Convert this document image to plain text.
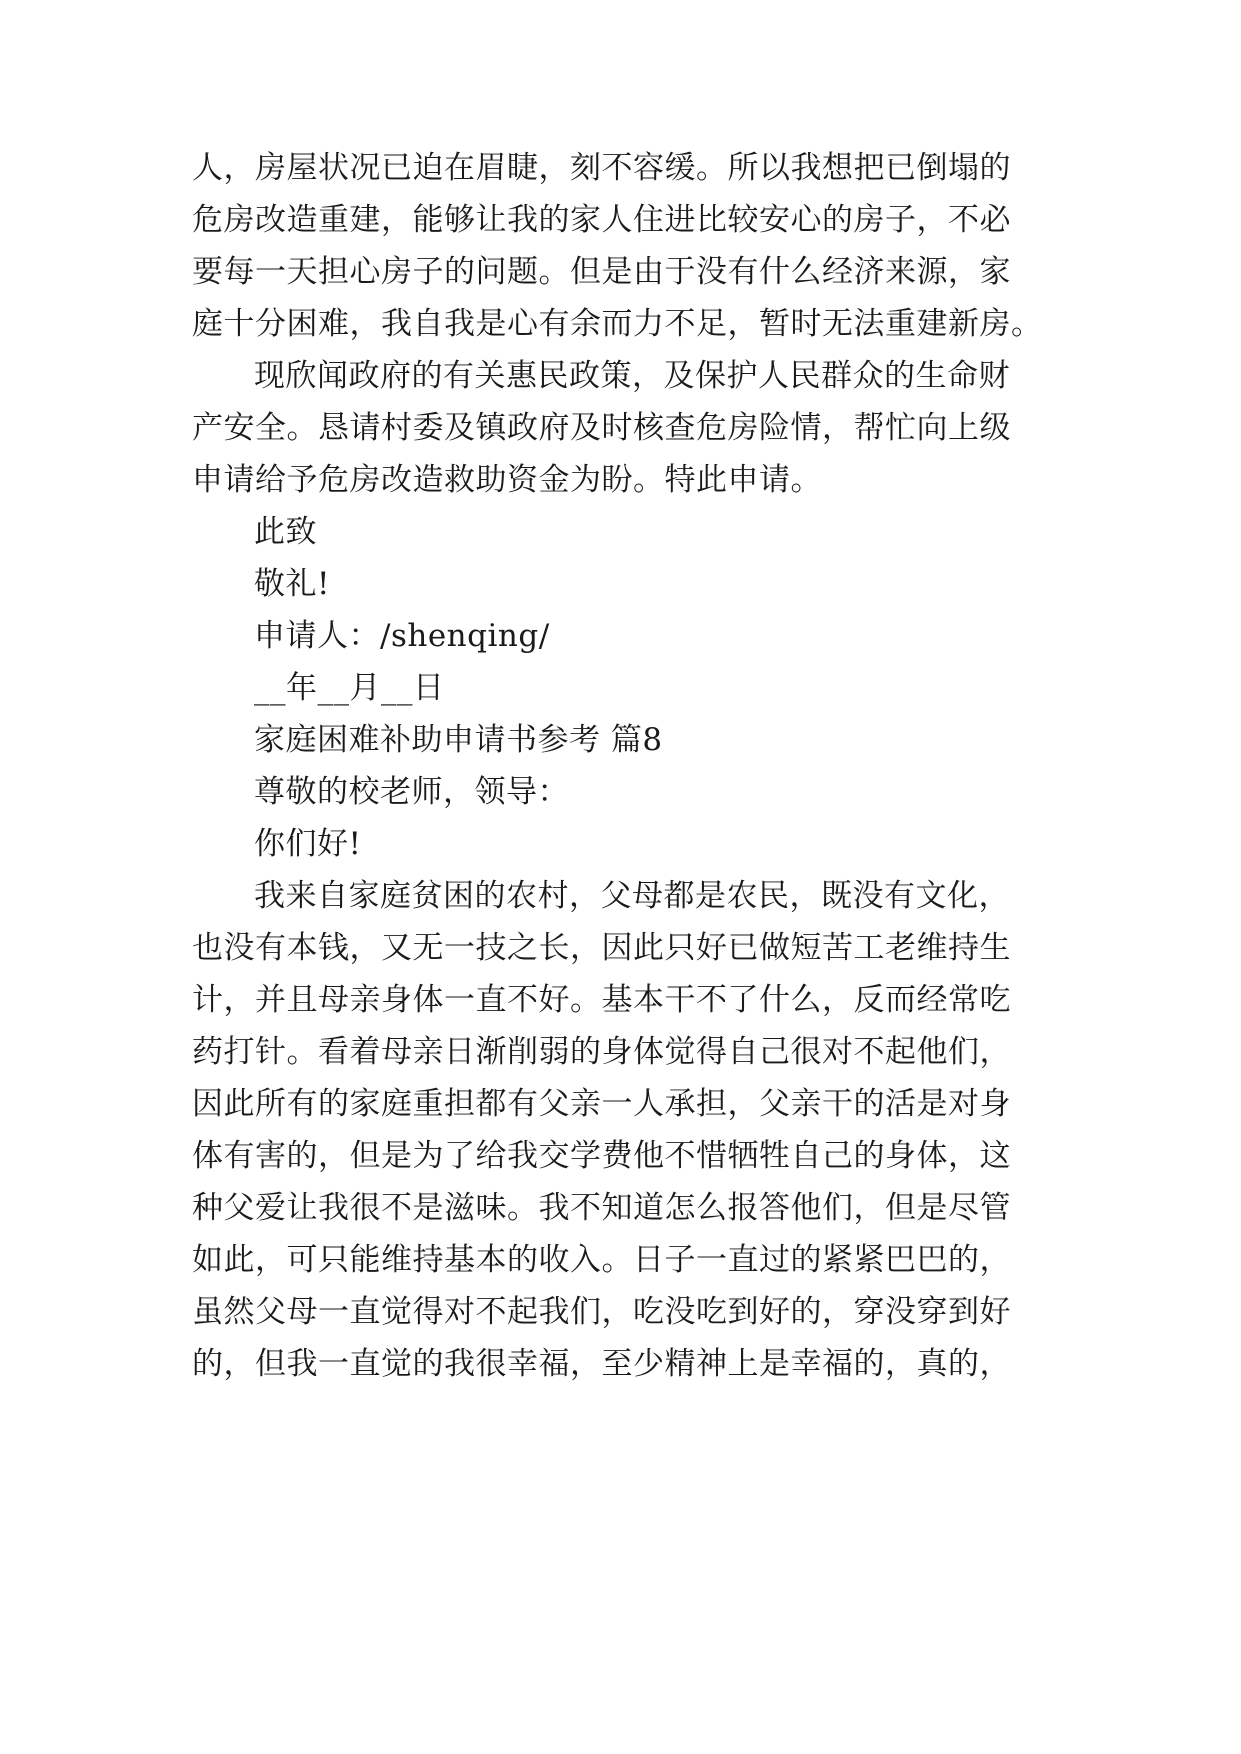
人，房屋状况已迫在眉睫，刻不容缓。所以我想把已倒塌的
危房改造重建，能够让我的家人住进比较安心的房子，不必
要每一天担心房子的问题。但是由于没有什么经济来源，家
庭十分困难，我自我是心有余而力不足，暂时无法重建新房。
现欣闻政府的有关惠民政策，及保护人民群众的生命财
产安全。恳请村委及镇政府及时核查危房险情，帮忙向上级
申请给予危房改造救助资金为盼。特此申请。
此致
敬礼!
申请人：/shenqing/
__年__月__日
家庭困难补助申请书参考 篇8
尊敬的校老师，领导：
你们好!
我来自家庭贫困的农村，父母都是农民，既没有文化，
也没有本钱，又无一技之长，因此只好已做短苦工老维持生
计，并且母亲身体一直不好。基本干不了什么，反而经常吃
药打针。看着母亲日渐削弱的身体觉得自己很对不起他们，
因此所有的家庭重担都有父亲一人承担，父亲干的活是对身
体有害的，但是为了给我交学费他不惜牺牲自己的身体，这
种父爱让我很不是滋味。我不知道怎么报答他们，但是尽管
如此，可只能维持基本的收入。日子一直过的紧紧巴巴的，
虽然父母一直觉得对不起我们，吃没吃到好的，穿没穿到好
的，但我一直觉的我很幸福，至少精神上是幸福的，真的，
